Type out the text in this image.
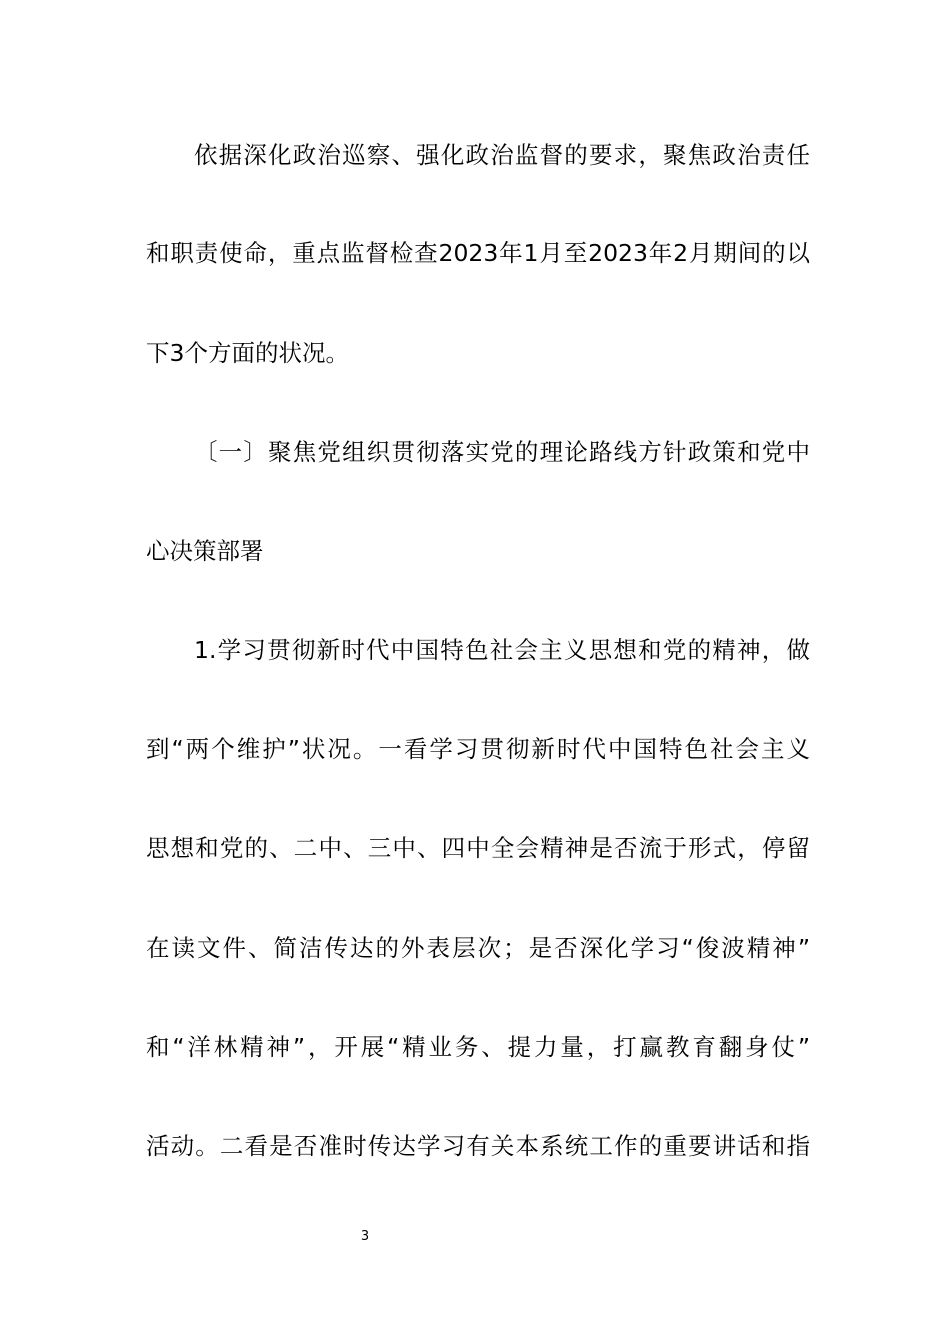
依据深化政治巡察、强化政治监督的要求，聚焦政治责任
和职责使命，重点监督检查2023年1月至2023年2月期间的以
下3个方面的状况。
〔一〕聚焦党组织贯彻落实党的理论路线方针政策和党中
心决策部署
1.学习贯彻新时代中国特色社会主义思想和党的精神，做
到“两个维护”状况。一看学习贯彻新时代中国特色社会主义
思想和党的、二中、三中、四中全会精神是否流于形式，停留
在读文件、简洁传达的外表层次；是否深化学习“俊波精神”
和“洋林精神”，开展“精业务、提力量，打赢教育翻身仗”
活动。二看是否准时传达学习有关本系统工作的重要讲话和指
3
